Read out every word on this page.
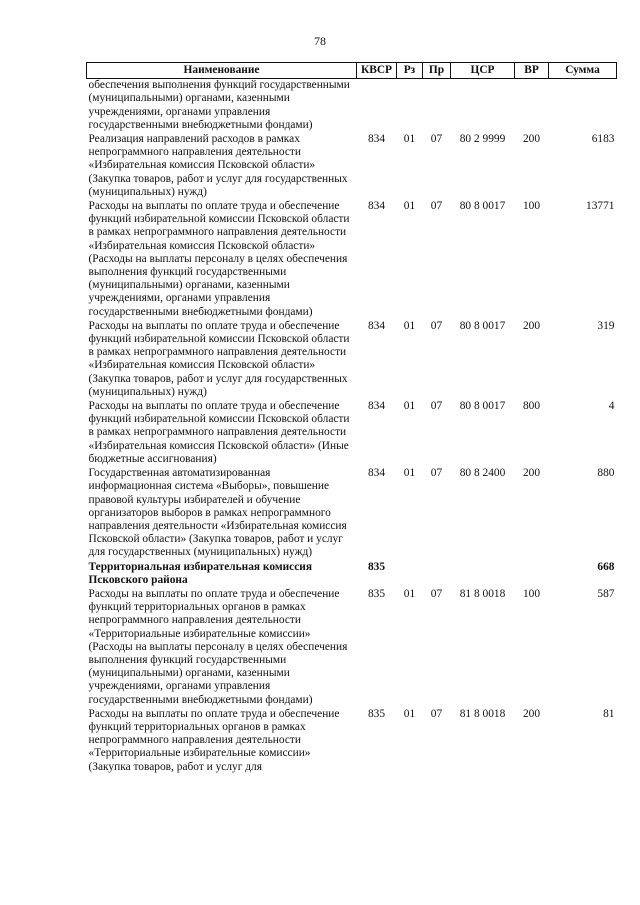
78
Наименование	КВСР	Рз	Пр	ЦСР	ВР	Сумма
обеспечения выполнения функций государственными (муниципальными) органами, казенными учреждениями, органами управления государственными внебюджетными фондами)						
Реализация направлений расходов в рамках непрограммного направления деятельности «Избирательная комиссия Псковской области» (Закупка товаров, работ и услуг для государственных (муниципальных) нужд)	834	01	07	80 2 9999	200	6183
Расходы на выплаты по оплате труда и обеспечение функций избирательной комиссии Псковской области в рамках непрограммного направления деятельности «Избирательная комиссия Псковской области» (Расходы на выплаты персоналу в целях обеспечения выполнения функций государственными (муниципальными) органами, казенными учреждениями, органами управления государственными внебюджетными фондами)	834	01	07	80 8 0017	100	13771
Расходы на выплаты по оплате труда и обеспечение функций избирательной комиссии Псковской области в рамках непрограммного направления деятельности «Избирательная комиссия Псковской области» (Закупка товаров, работ и услуг для государственных (муниципальных) нужд)	834	01	07	80 8 0017	200	319
Расходы на выплаты по оплате труда и обеспечение функций избирательной комиссии Псковской области в рамках непрограммного направления деятельности «Избирательная комиссия Псковской области» (Иные бюджетные ассигнования)	834	01	07	80 8 0017	800	4
Государственная автоматизированная информационная система «Выборы», повышение правовой культуры избирателей и обучение организаторов выборов в рамках непрограммного направления деятельности «Избирательная комиссия Псковской области» (Закупка товаров, работ и услуг для государственных (муниципальных) нужд)	834	01	07	80 8 2400	200	880
Территориальная избирательная комиссия Псковского района	835					668
Расходы на выплаты по оплате труда и обеспечение функций территориальных органов в рамках непрограммного направления деятельности «Территориальные избирательные комиссии» (Расходы на выплаты персоналу в целях обеспечения выполнения функций государственными (муниципальными) органами, казенными учреждениями, органами управления государственными внебюджетными фондами)	835	01	07	81 8 0018	100	587
Расходы на выплаты по оплате труда и обеспечение функций территориальных органов в рамках непрограммного направления деятельности «Территориальные избирательные комиссии» (Закупка товаров, работ и услуг для	835	01	07	81 8 0018	200	81
